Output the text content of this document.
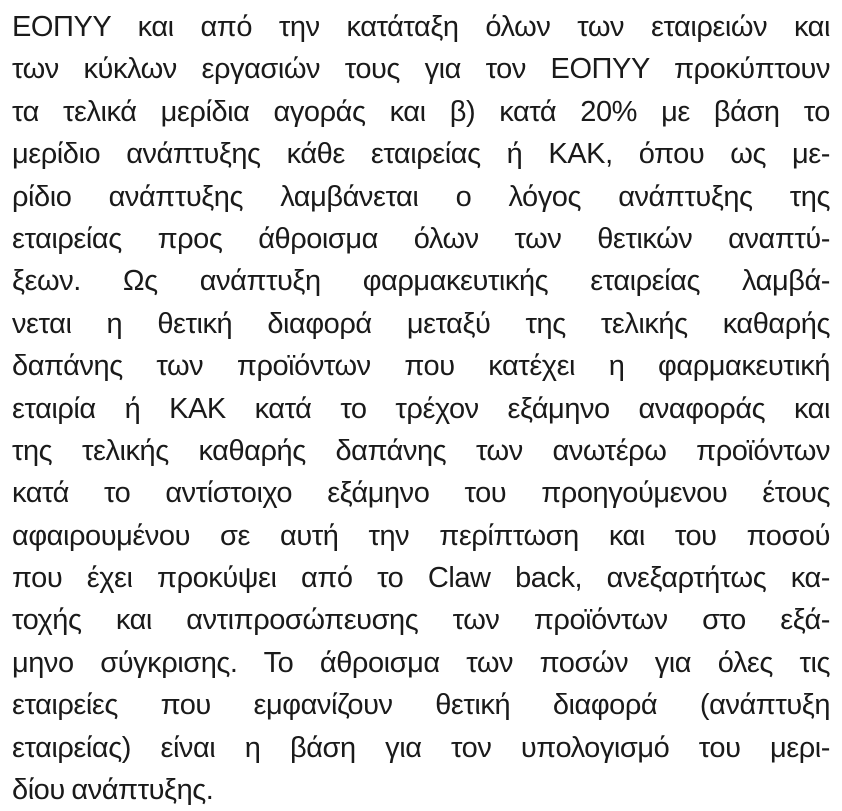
ΕΟΠΥΥ και από την κατάταξη όλων των εταιρειών και
των κύκλων εργασιών τους για τον ΕΟΠΥΥ προκύπτουν
τα τελικά μερίδια αγοράς και β) κατά 20% με βάση το
μερίδιο ανάπτυξης κάθε εταιρείας ή ΚΑΚ, όπου ως με-
ρίδιο ανάπτυξης λαμβάνεται ο λόγος ανάπτυξης της
εταιρείας προς άθροισμα όλων των θετικών αναπτύ-
ξεων. Ως ανάπτυξη φαρμακευτικής εταιρείας λαμβά-
νεται η θετική διαφορά μεταξύ της τελικής καθαρής
δαπάνης των προϊόντων που κατέχει η φαρμακευτική
εταιρία ή ΚΑΚ κατά το τρέχον εξάμηνο αναφοράς και
της τελικής καθαρής δαπάνης των ανωτέρω προϊόντων
κατά το αντίστοιχο εξάμηνο του προηγούμενου έτους
αφαιρουμένου σε αυτή την περίπτωση και του ποσού
που έχει προκύψει από το Claw back, ανεξαρτήτως κα-
τοχής και αντιπροσώπευσης των προϊόντων στο εξά-
μηνο σύγκρισης. Το άθροισμα των ποσών για όλες τις
εταιρείες που εμφανίζουν θετική διαφορά (ανάπτυξη
εταιρείας) είναι η βάση για τον υπολογισμό του μερι-
δίου ανάπτυξης.
